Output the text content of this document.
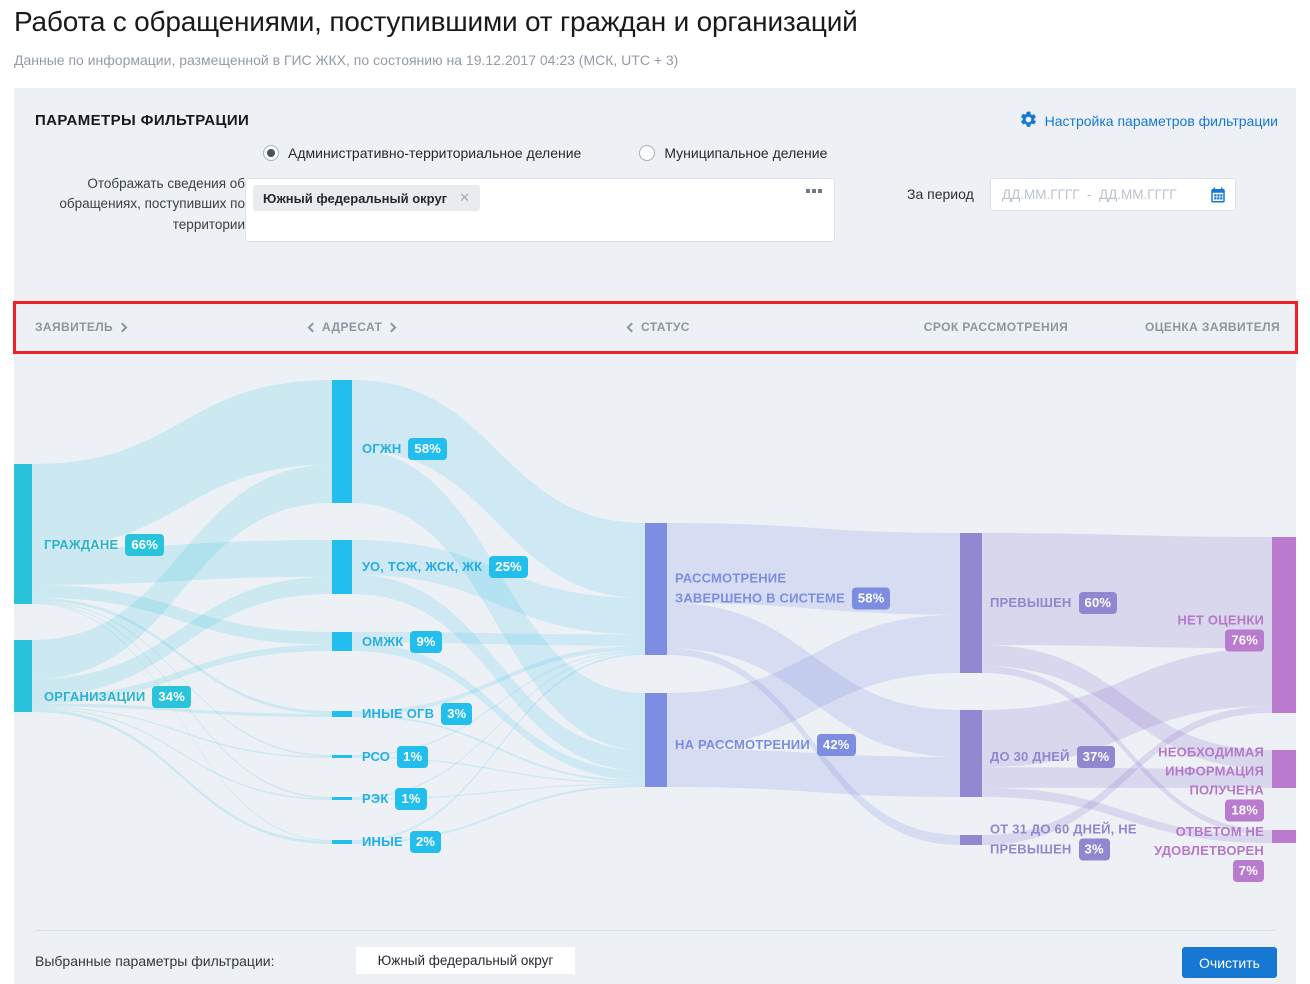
Работа с обращениями, поступившими от граждан и организаций
Данные по информации, размещенной в ГИС ЖКХ, по состоянию на 19.12.2017 04:23 (МСК, UTC + 3)
ПАРАМЕТРЫ ФИЛЬТРАЦИИ	Настройка параметров фильтрации
Административно-территориальное деление	Муниципальное деление
Отображать сведения об обращениях, поступивших по территории
Южный федеральный округ ✕	За период
ДД.ММ.ГГГГ - ДД.ММ.ГГГГ
ЗАЯВИТЕЛЬ	АДРЕСАТ	СТАТУС	СРОК РАССМОТРЕНИЯ	ОЦЕНКА ЗАЯВИТЕЛЯ
ГРАЖДАНЕ 66%
ОРГАНИЗАЦИИ 34%
ОГЖН 58%
УО, ТСЖ, ЖСК, ЖК 25%
ОМЖК 9%
ИНЫЕ ОГВ 3%
РСО 1%
РЭК 1%
ИНЫЕ 2%
РАССМОТРЕНИЕ
ЗАВЕРШЕНО В СИСТЕМЕ 58%
НА РАССМОТРЕНИИ 42%
ПРЕВЫШЕН 60%
ДО 30 ДНЕЙ 37%
ОТ 31 ДО 60 ДНЕЙ, НЕ
ПРЕВЫШЕН 3%
НЕТ ОЦЕНКИ
76%
НЕОБХОДИМАЯ
ИНФОРМАЦИЯ
ПОЛУЧЕНА
18%
ОТВЕТОМ НЕ
УДОВЛЕТВОРЕН
7%
Выбранные параметры фильтрации:	Южный федеральный округ	Очистить
